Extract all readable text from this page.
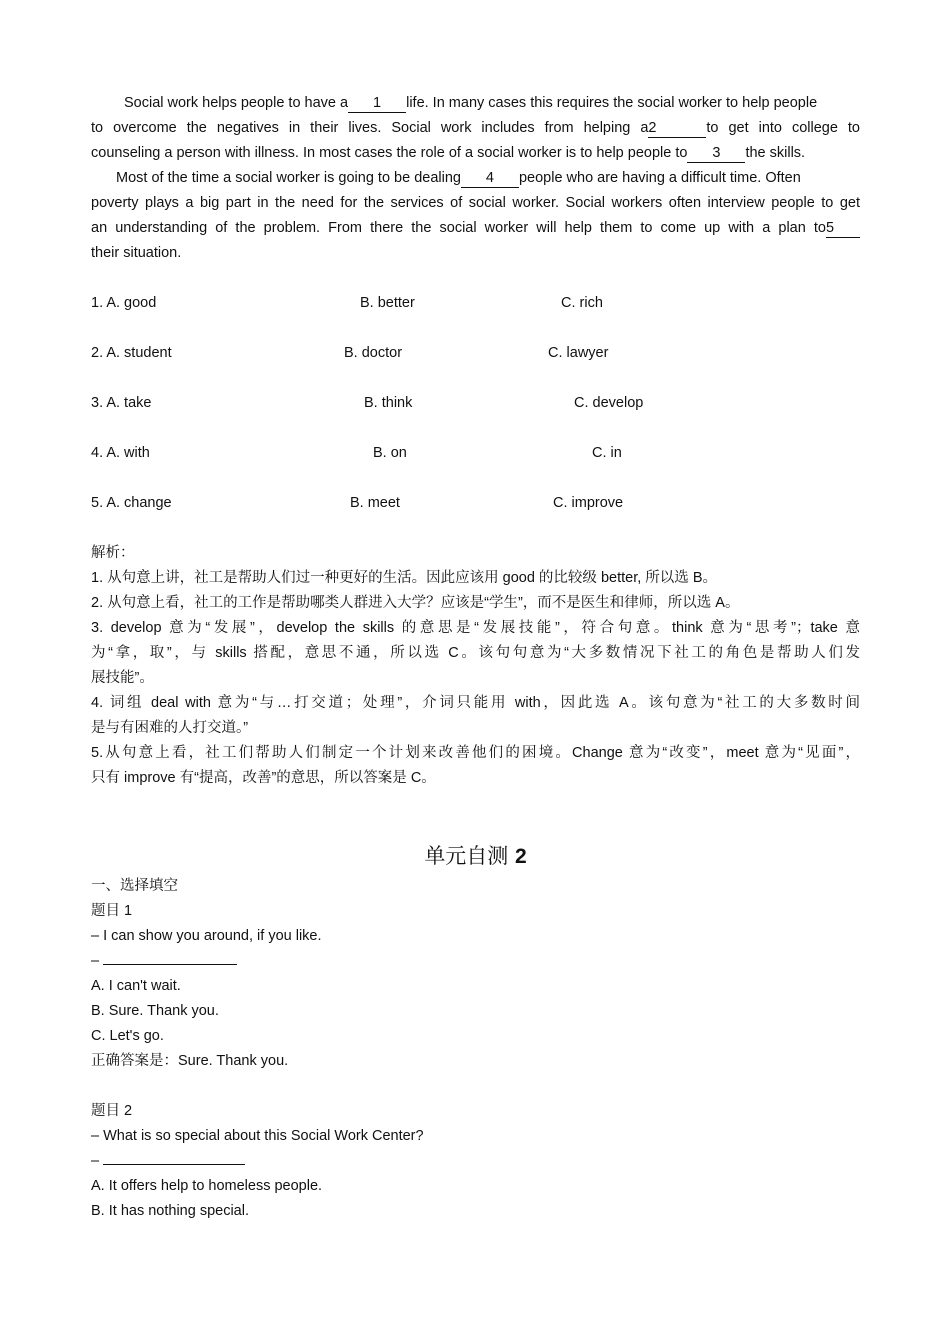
Social work helps people to have a 1 life. In many cases this requires the social worker to help people
to overcome the negatives in their lives. Social work includes from helping a2	to get into college to
counseling a person with illness. In most cases the role of a social worker is to help people to 3 the skills.
Most of the time a social worker is going to be dealing 4 people who are having a difficult time. Often
poverty plays a big part in the need for the services of social worker. Social workers often interview people to get
an understanding of the problem. From there the social worker will help them to come up with a plan to5
their situation.
1. A. good	B. better	C. rich
2. A. student	B. doctor	C. lawyer
3. A. take	B. think	C. develop
4. A. with	B. on	C. in
5. A. change	B. meet	C. improve
解析：
1. 从句意上讲，社工是帮助人们过一种更好的生活。因此应该用 good 的比较级 better, 所以选 B。
2. 从句意上看，社工的工作是帮助哪类人群进入大学？应该是“学生”，而不是医生和律师，所以选 A。
3. develop 意为“发展”，develop the skills 的意思是“发展技能”，符合句意。think 意为“思考”；take 意
为“拿，取”，与 skills 搭配，意思不通，所以选 C。该句句意为“大多数情况下社工的角色是帮助人们发
展技能”。
4. 词组 deal with 意为“与…打交道；处理”，介词只能用 with，因此选 A。该句意为“社工的大多数时间
是与有困难的人打交道。”
5.从句意上看，社工们帮助人们制定一个计划来改善他们的困境。Change 意为“改变”，meet 意为“见面”，
只有 improve 有“提高，改善”的意思，所以答案是 C。
单元自测 2
一、选择填空
题目 1
– I can show you around, if you like.
–
A. I can't wait.
B. Sure. Thank you.
C. Let's go.
正确答案是：Sure. Thank you.
题目 2
– What is so special about this Social Work Center?
–
A. It offers help to homeless people.
B. It has nothing special.
